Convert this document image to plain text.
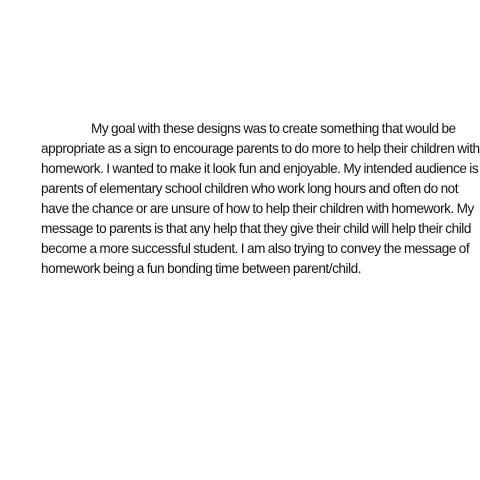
My goal with these designs was to create something that would be
appropriate as a sign to encourage parents to do more to help their children with
homework. I wanted to make it look fun and enjoyable. My intended audience is
parents of elementary school children who work long hours and often do not
have the chance or are unsure of how to help their children with homework. My
message to parents is that any help that they give their child will help their child
become a more successful student. I am also trying to convey the message of
homework being a fun bonding time between parent/child.
